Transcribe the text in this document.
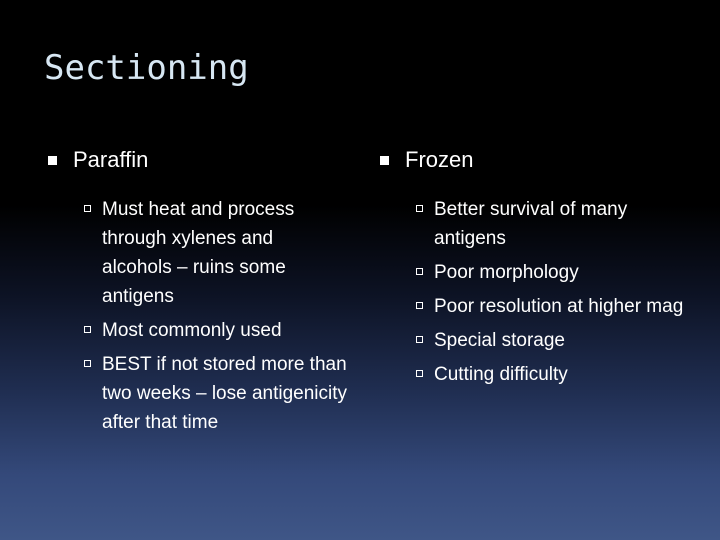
Sectioning
Paraffin
Must heat and process through xylenes and alcohols – ruins some antigens
Most commonly used
BEST if not stored more than two weeks – lose antigenicity after that time
Frozen
Better survival of many antigens
Poor morphology
Poor resolution at higher mag
Special storage
Cutting difficulty
